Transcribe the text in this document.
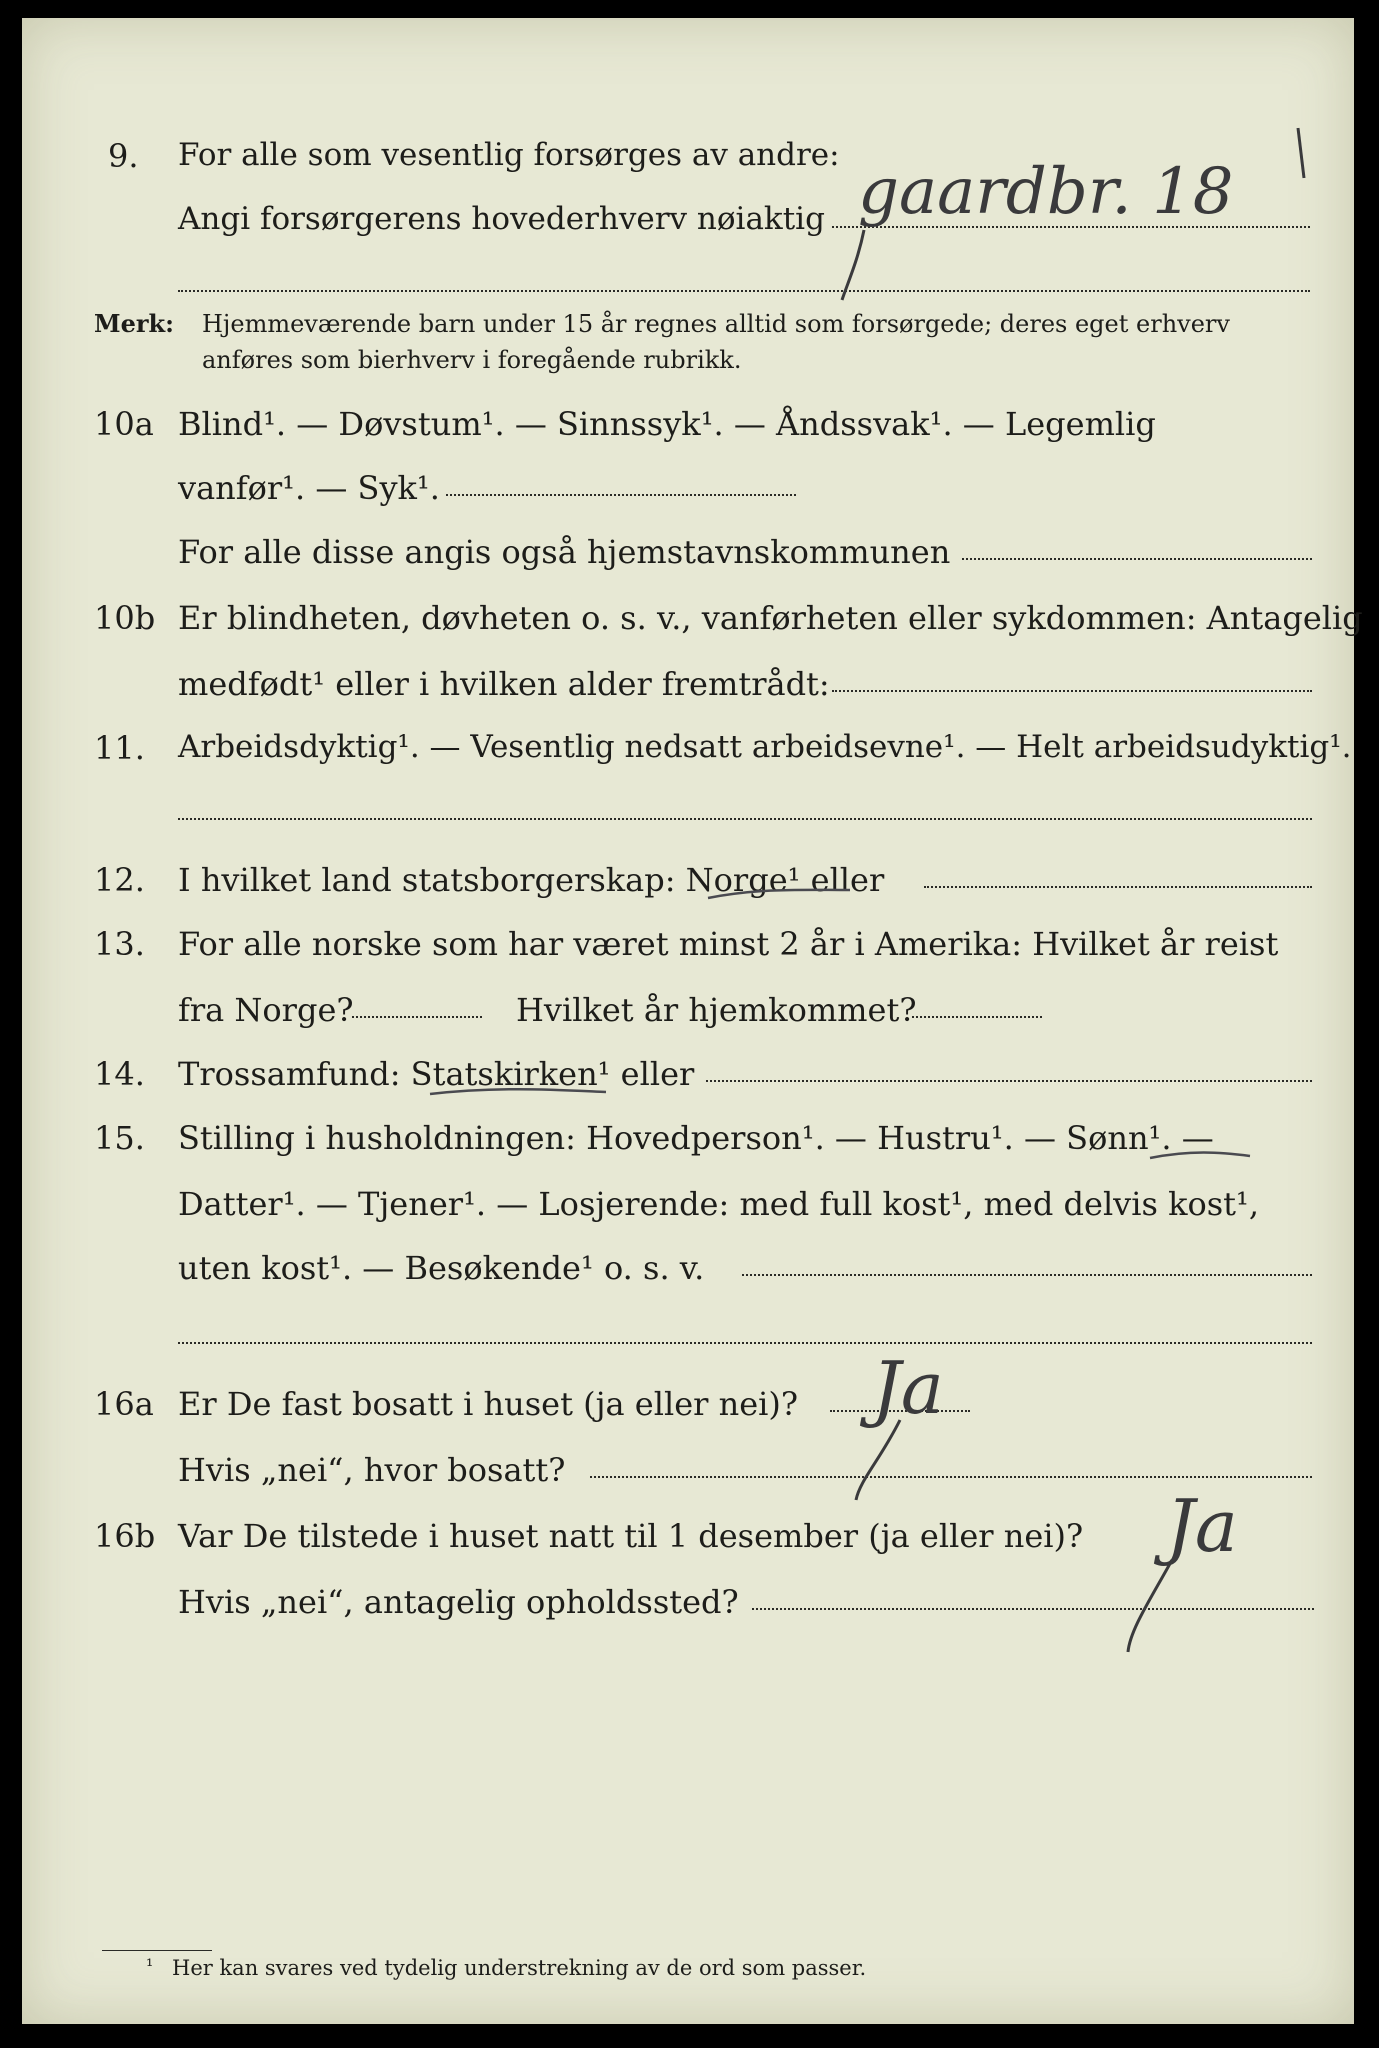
9. For alle som vesentlig forsørges av andre:
Angi forsørgerens hovederhverv nøiaktig gaardbr. 18
Merk: Hjemmeværende barn under 15 år regnes alltid som forsørgede; deres eget erhverv
anføres som bierhverv i foregående rubrikk.
10a Blind¹. — Døvstum¹. — Sinnssyk¹. — Åndssvak¹. — Legemlig
vanfør¹. — Syk¹.
For alle disse angis også hjemstavnskommunen
10b Er blindheten, døvheten o. s. v., vanførheten eller sykdommen: Antagelig
medfødt¹ eller i hvilken alder fremtrådt:
11. Arbeidsdyktig¹. — Vesentlig nedsatt arbeidsevne¹. — Helt arbeidsudyktig¹.
12. I hvilket land statsborgerskap: Norge¹ eller
13. For alle norske som har været minst 2 år i Amerika: Hvilket år reist
fra Norge?	Hvilket år hjemkommet?
14. Trossamfund: Statskirken¹ eller
15. Stilling i husholdningen: Hovedperson¹. — Hustru¹. — Sønn¹. —
Datter¹. — Tjener¹. — Losjerende: med full kost¹, med delvis kost¹,
uten kost¹. — Besøkende¹ o. s. v.
16a Er De fast bosatt i huset (ja eller nei)?
Hvis „nei“, hvor bosatt?
Ja
16b Var De tilstede i huset natt til 1 desember (ja eller nei)?
Hvis „nei“, antagelig opholdssted?
Ja
¹ Her kan svares ved tydelig understrekning av de ord som passer.
